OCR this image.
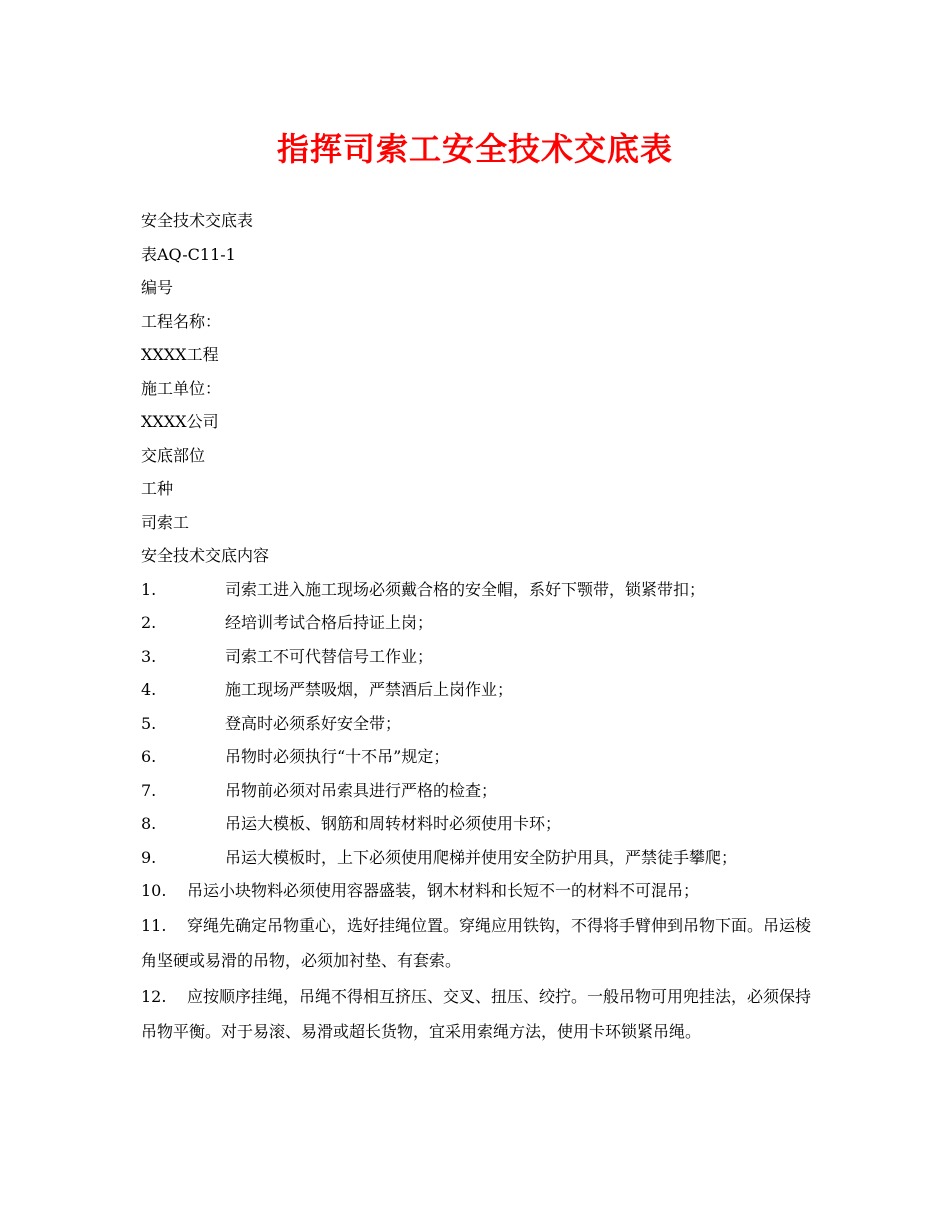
指挥司索工安全技术交底表
安全技术交底表
表AQ-C11-1
编号
工程名称：
XXXX工程
施工单位：
XXXX公司
交底部位
工种
司索工
安全技术交底内容
1.	司索工进入施工现场必须戴合格的安全帽，系好下颚带，锁紧带扣；
2.	经培训考试合格后持证上岗；
3.	司索工不可代替信号工作业；
4.	施工现场严禁吸烟，严禁酒后上岗作业；
5.	登高时必须系好安全带；
6.	吊物时必须执行“十不吊”规定；
7.	吊物前必须对吊索具进行严格的检查；
8.	吊运大模板、钢筋和周转材料时必须使用卡环；
9.	吊运大模板时，上下必须使用爬梯并使用安全防护用具，严禁徒手攀爬；
10.	吊运小块物料必须使用容器盛装，钢木材料和长短不一的材料不可混吊；
11. 穿绳先确定吊物重心，选好挂绳位置。穿绳应用铁钩，不得将手臂伸到吊物下面。吊运棱角坚硬或易滑的吊物，必须加衬垫、有套索。
12. 应按顺序挂绳，吊绳不得相互挤压、交叉、扭压、绞拧。一般吊物可用兜挂法，必须保持吊物平衡。对于易滚、易滑或超长货物，宜采用索绳方法，使用卡环锁紧吊绳。
